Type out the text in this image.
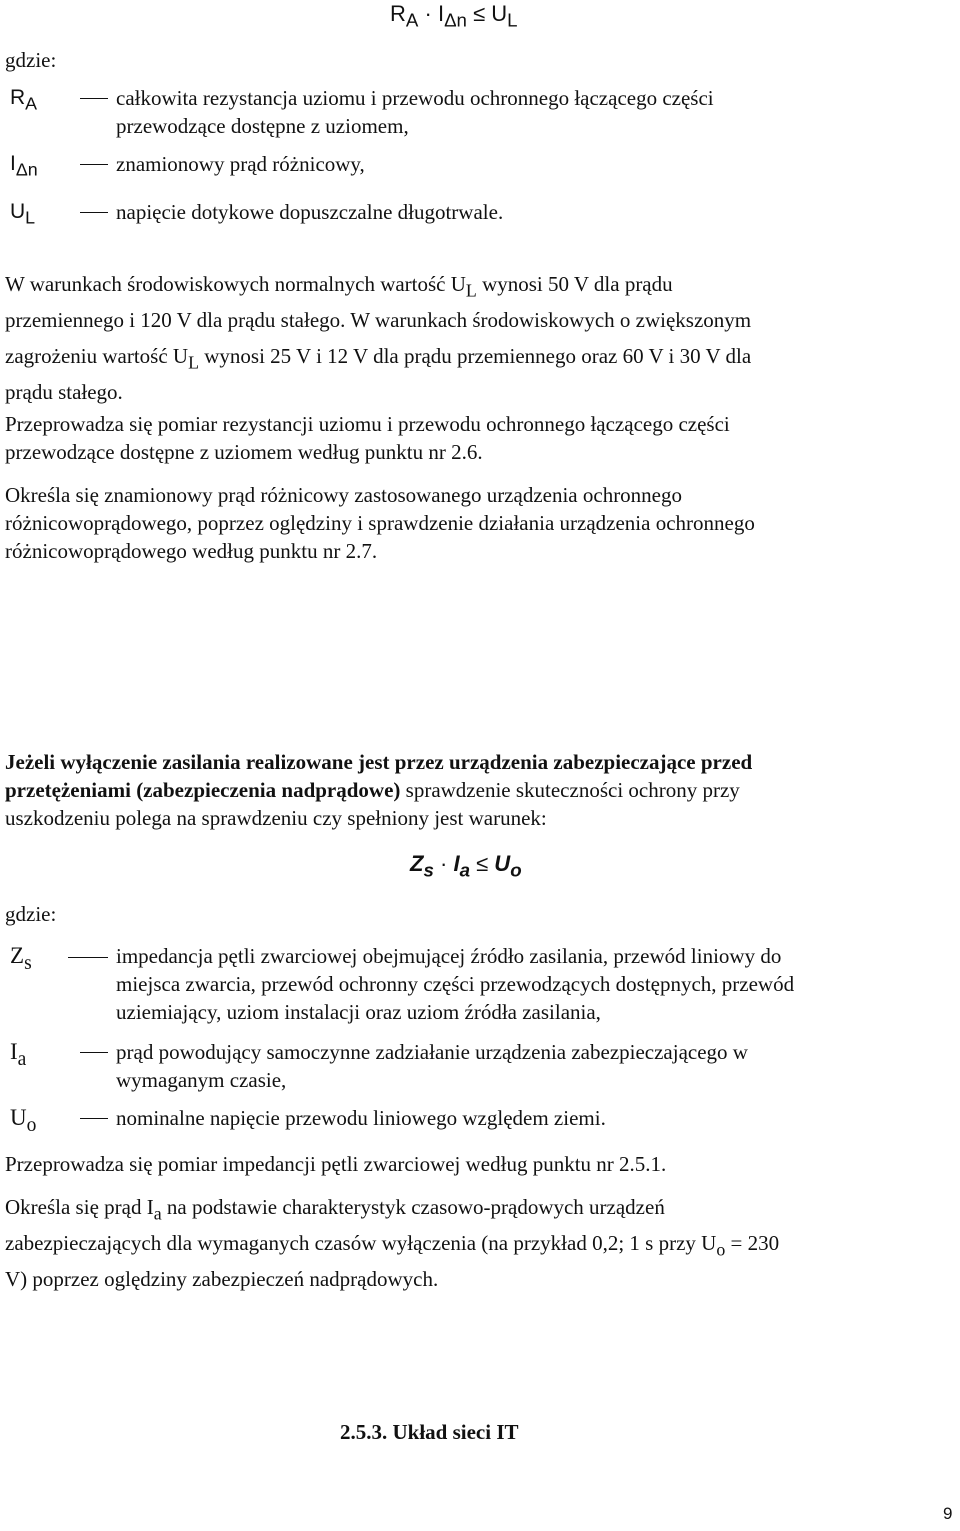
$R_A \cdot I_{\Delta n} \le U_L$
gdzie:
$R_A$	całkowita rezystancja uziomu i przewodu ochronnego łączącego części
przewodzące dostępne z uziomem,
$I_{\Delta n}$	znamionowy prąd różnicowy,
$U_L$	napięcie dotykowe dopuszczalne długotrwale.
W warunkach środowiskowych normalnych wartość $U_L$ wynosi 50 V dla prądu
przemiennego i 120 V dla prądu stałego. W warunkach środowiskowych o zwiększonym
zagrożeniu wartość $U_L$ wynosi 25 V i 12 V dla prądu przemiennego oraz 60 V i 30 V dla
prądu stałego.
Przeprowadza się pomiar rezystancji uziomu i przewodu ochronnego łączącego części
przewodzące dostępne z uziomem według punktu nr 2.6.
Określa się znamionowy prąd różnicowy zastosowanego urządzenia ochronnego
różnicowoprądowego, poprzez oględziny i sprawdzenie działania urządzenia ochronnego
różnicowoprądowego według punktu nr 2.7.
Jeżeli wyłączenie zasilania realizowane jest przez urządzenia zabezpieczające przed
przetężeniami (zabezpieczenia nadprądowe) sprawdzenie skuteczności ochrony przy
uszkodzeniu polega na sprawdzeniu czy spełniony jest warunek:
$Z_s \cdot I_a \le U_o$
gdzie:
$Z_s$	impedancja pętli zwarciowej obejmującej źródło zasilania, przewód liniowy do
miejsca zwarcia, przewód ochronny części przewodzących dostępnych, przewód
uziemiający, uziom instalacji oraz uziom źródła zasilania,
$I_a$	prąd powodujący samoczynne zadziałanie urządzenia zabezpieczającego w
wymaganym czasie,
$U_o$	nominalne napięcie przewodu liniowego względem ziemi.
Przeprowadza się pomiar impedancji pętli zwarciowej według punktu nr 2.5.1.
Określa się prąd $I_a$ na podstawie charakterystyk czasowo-prądowych urządzeń
zabezpieczających dla wymaganych czasów wyłączenia (na przykład 0,2; 1 s przy $U_o = 230$
V) poprzez oględziny zabezpieczeń nadprądowych.
2.5.3. Układ sieci IT
9
